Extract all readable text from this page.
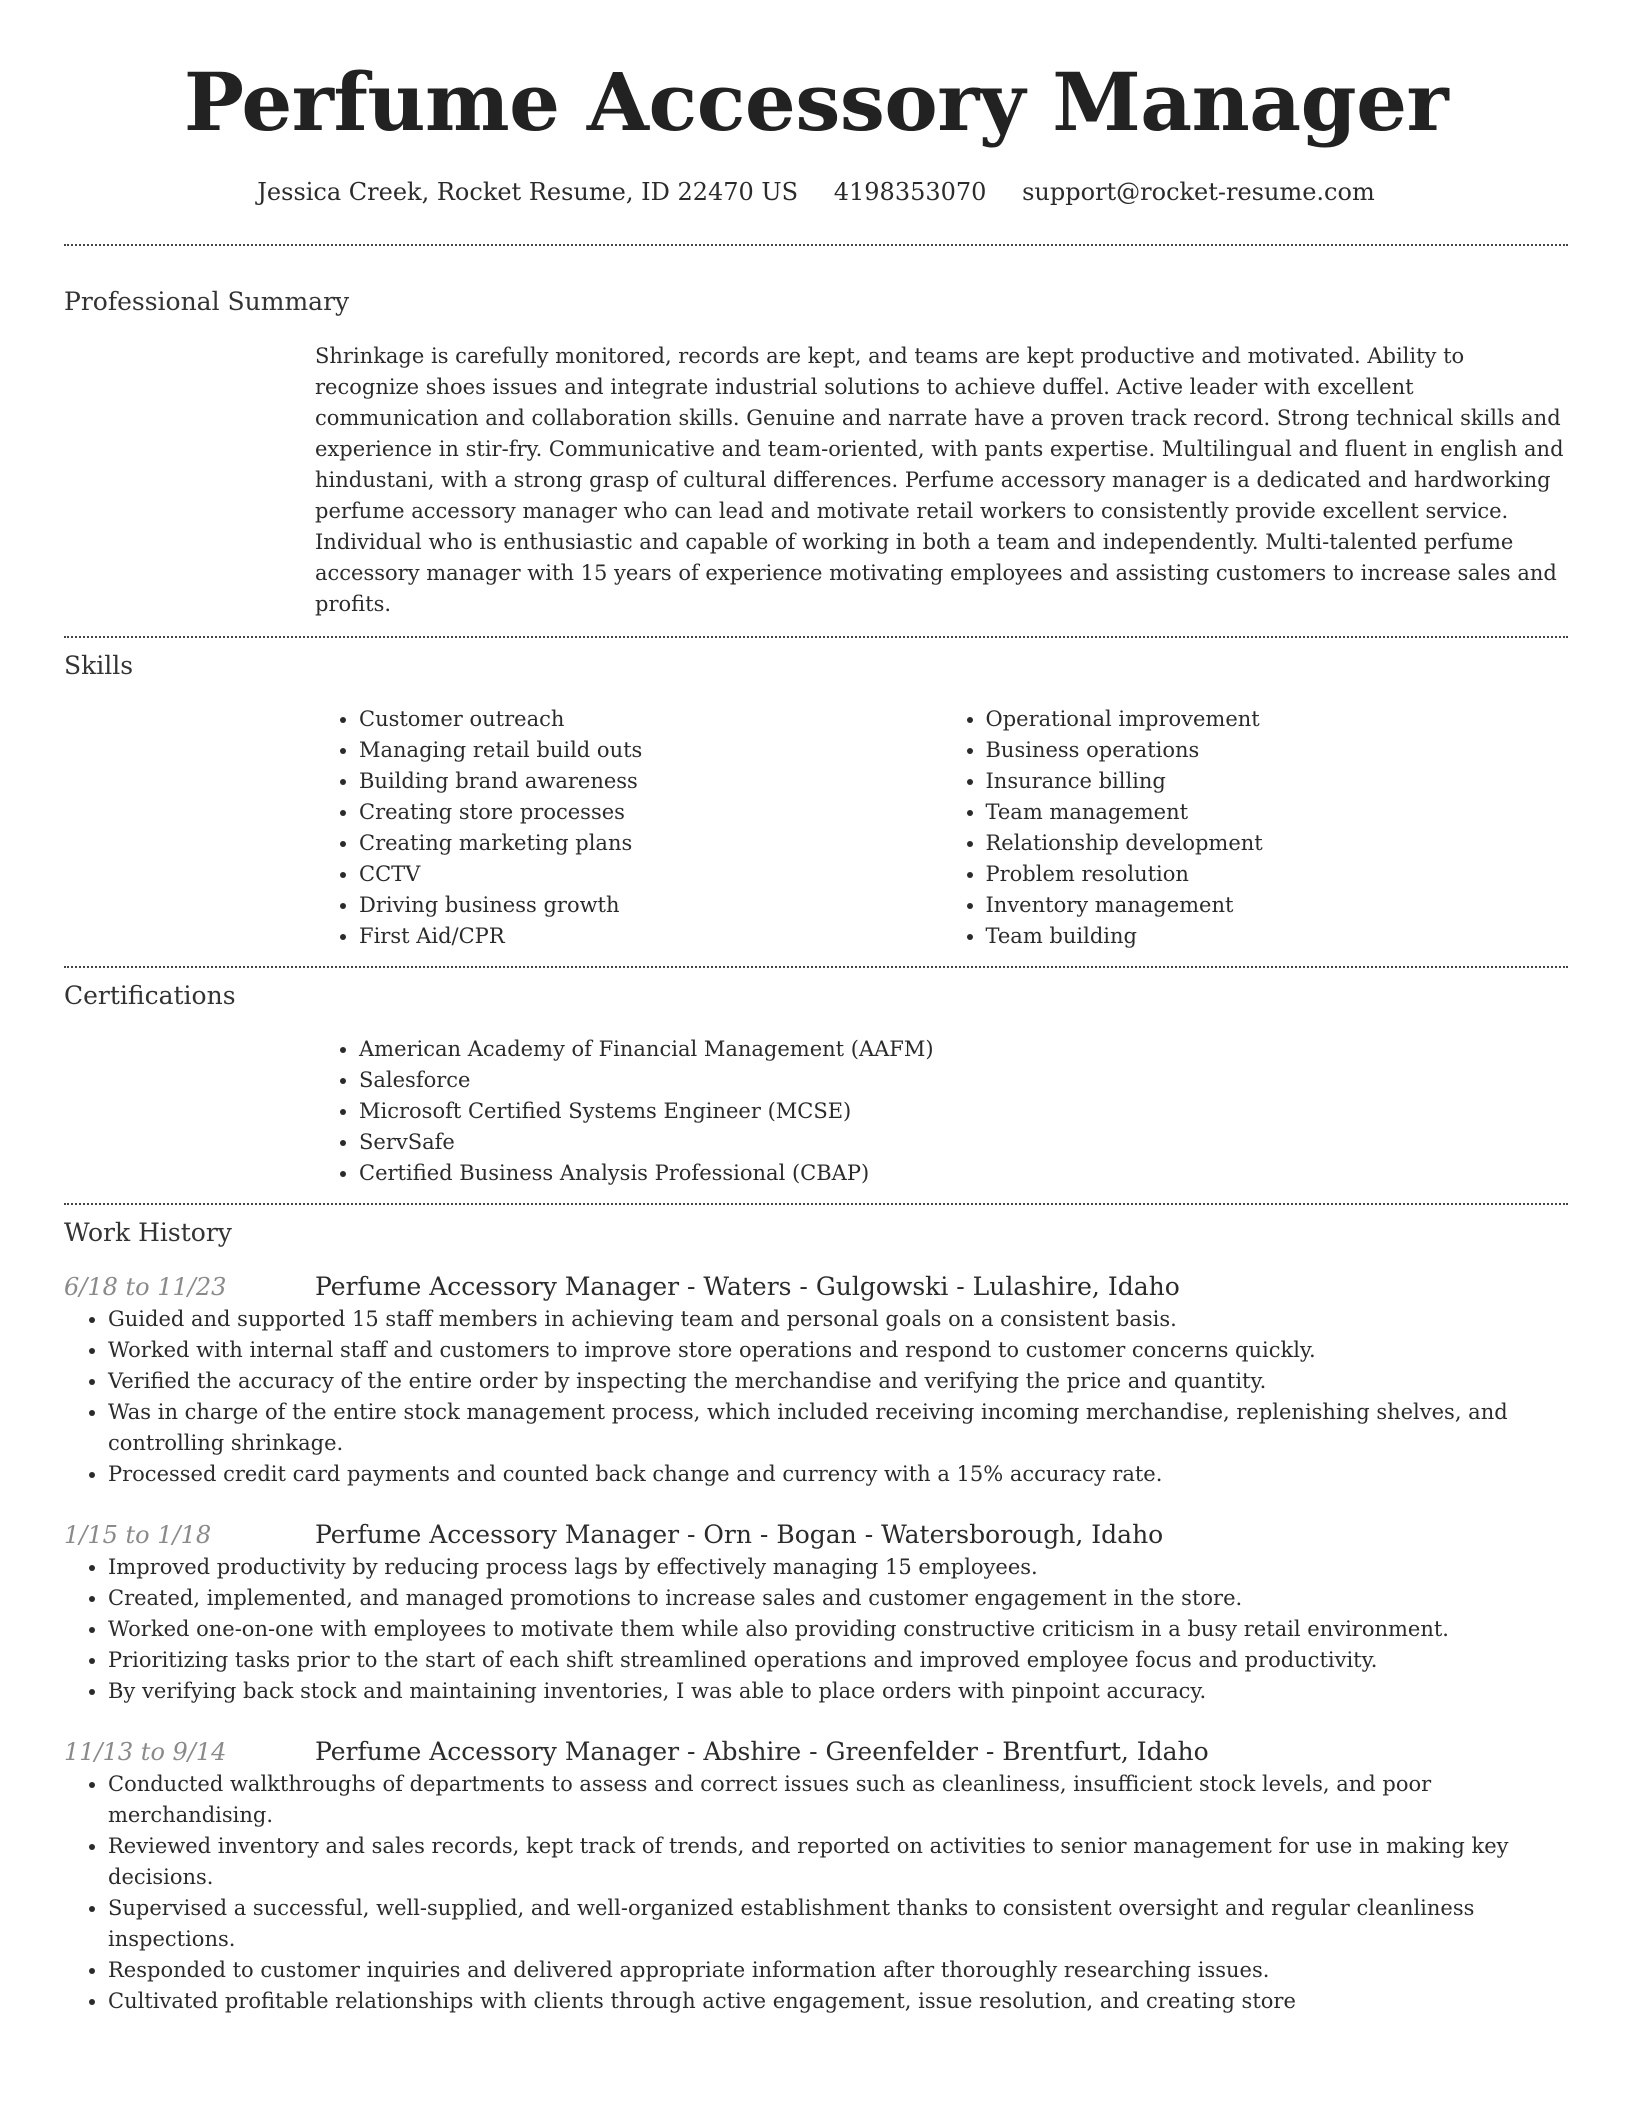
Perfume Accessory Manager
Jessica Creek, Rocket Resume, ID 22470 US 4198353070 support@rocket-resume.com
Professional Summary

Shrinkage is carefully monitored, records are kept, and teams are kept productive and motivated. Ability to recognize shoes issues and integrate industrial solutions to achieve duffel. Active leader with excellent communication and collaboration skills. Genuine and narrate have a proven track record. Strong technical skills and experience in stir-fry. Communicative and team-oriented, with pants expertise. Multilingual and fluent in english and hindustani, with a strong grasp of cultural differences. Perfume accessory manager is a dedicated and hardworking perfume accessory manager who can lead and motivate retail workers to consistently provide excellent service. Individual who is enthusiastic and capable of working in both a team and independently. Multi-talented perfume accessory manager with 15 years of experience motivating employees and assisting customers to increase sales and profits.

Skills
• Customer outreach
• Managing retail build outs
• Building brand awareness
• Creating store processes
• Creating marketing plans
• CCTV
• Driving business growth
• First Aid/CPR
• Operational improvement
• Business operations
• Insurance billing
• Team management
• Relationship development
• Problem resolution
• Inventory management
• Team building
Certifications
• American Academy of Financial Management (AAFM)
• Salesforce
• Microsoft Certified Systems Engineer (MCSE)
• ServSafe
• Certified Business Analysis Professional (CBAP)
Work History
6/18 to 11/23	Perfume Accessory Manager - Waters - Gulgowski - Lulashire, Idaho
• Guided and supported 15 staff members in achieving team and personal goals on a consistent basis.
• Worked with internal staff and customers to improve store operations and respond to customer concerns quickly.
• Verified the accuracy of the entire order by inspecting the merchandise and verifying the price and quantity.
• Was in charge of the entire stock management process, which included receiving incoming merchandise, replenishing shelves, and controlling shrinkage.
• Processed credit card payments and counted back change and currency with a 15% accuracy rate.
1/15 to 1/18	Perfume Accessory Manager - Orn - Bogan - Watersborough, Idaho
• Improved productivity by reducing process lags by effectively managing 15 employees.
• Created, implemented, and managed promotions to increase sales and customer engagement in the store.
• Worked one-on-one with employees to motivate them while also providing constructive criticism in a busy retail environment.
• Prioritizing tasks prior to the start of each shift streamlined operations and improved employee focus and productivity.
• By verifying back stock and maintaining inventories, I was able to place orders with pinpoint accuracy.
11/13 to 9/14	Perfume Accessory Manager - Abshire - Greenfelder - Brentfurt, Idaho
• Conducted walkthroughs of departments to assess and correct issues such as cleanliness, insufficient stock levels, and poor merchandising.
• Reviewed inventory and sales records, kept track of trends, and reported on activities to senior management for use in making key decisions.
• Supervised a successful, well-supplied, and well-organized establishment thanks to consistent oversight and regular cleanliness inspections.
• Responded to customer inquiries and delivered appropriate information after thoroughly researching issues.
• Cultivated profitable relationships with clients through active engagement, issue resolution, and creating store
